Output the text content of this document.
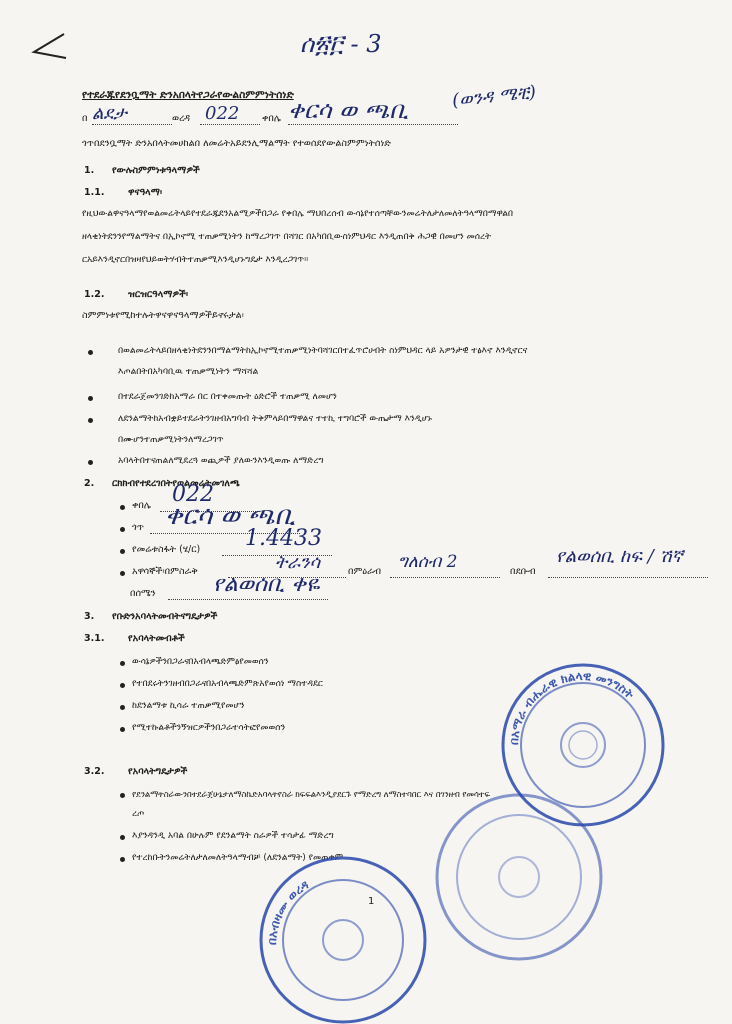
ሰ፳፫ - 3
የተደራጁየደንቧማት ድንአበላትየጋራየውልስምምነትሰነድ
በ ልደታ	ወረዳ 022 ቀበሌ ቀርሳ ወ ጫቢ (ወንዳ ሜቺ)
ጎጥበደንቧማት ድንአበላትመሀከልበ ለመሬትአይደንሊማልማት የተወሰደየውልስምምነትሰነድ
1. የውሉስምምነቱዓላማዎች
1.1. ዋናዓላማ፡
የዚህውልዋናዓላማየወልመሬትላይየተደራጁደንአልሚዎችበጋራ የቀበሌ ማህበረሰብ ውሳኔየተሰጣቸውንመሬትለታለመለትዓላማበማዋልበ
ዘላቂነትደንንየማልማትና በኢኮኖሚ ተጠቃሚነትን ከማረጋገጥ በሻገር በአካበቢውስነምህዳር እንዲጠበቅ ሕጋዊ በመሆን መሰረት
ርአይእንዲኖርበዝዛየህይወትሃብትተጠቃሚእንዲሆኑግዴታ እንዲረጋገጥ።
1.2. ዝርዝርዓላማዎች፡
ስምምነቱየሚከተሉትዋናዋናዓላማዎችይኖሩታል፡
በወልመሬትላይበዘላቂነትደንንበማልማትከኢኮኖሚተጠቃሚነትባሻገርበተፈጥሮሀብት ስነምህዳር ላይ አዎንታዊ ተፅእኖ እንዲኖርና
እጦልበትበአካባቢዉ ተጠቃሚነትን ማሻሻል
በተደራጀመንገድከአማራ በር በተቀመጡት ዕድሮች ተጠቃሚ ለመሆን
ለደንልማትከአብቋይተደራትንገዘብአግባብ ትቅምላይበማዋልና ተተኪ ተግባሮች ውጤታማ እንዲሆኑ
በሙሆንተጠቃሚነትንለማረጋገጥ
አባላትበተናጠልለሚደረጓ ወጪዎች ያለውንእንዲወጡ ለማድረግ
2. ርክክብየተደረገበትየወልመሬትመገለጫ
ቀበሌ 022
ጎጥ ቀርሳ ወ ጫቢ
የመሬቱስፋት (ሄ/ር) 1.4433
አዋሳኞች፡በምስራቅ	ትራንሳ	በምዕራብ ግለሰብ 2	በደቡብ
የልወሰቢ ከፍ / ሽኛ
በሰሜን	የልወሰቢ ቀዬ
3. የቡድንአባላትመብትናግዴታዎች
3.1. የአባላትመብቶች
ውሳኔዎችንበጋራናበአብላጫድምፅየመወሰን
የተበደሩትንገዘብበጋራናበአብላጫድምጽአየወሰነ ማስተዳደር
ከደንልማቱ ኪሳራ ተጠቃሚየመሆን
የሚተኩልቶችንኝዝርዎችንበጋራተሳትፎየመወሰን
3.2. የአባላትግዴታዎች
የደንልማትስራውንበተደራጀሁኔታለማስኬድአባላትየስራ ክፍፍልእንዲያደርጉ የማድረግ ለማስተባበር እና በገንዘብ የመሳተፍ
ረጦ
እያንዳንዲ አባል በሁሉም የደንልማት ስራዎች ተሳታፊ ማድረግ
የተረከቡትንመሬትለታለመለትዓላማብቻ (ለደንልማት) የመጠቀም
በአማራ ብሔራዊ ክልላዊ መንግስት
በአብዛሙ ወረዳ
1
